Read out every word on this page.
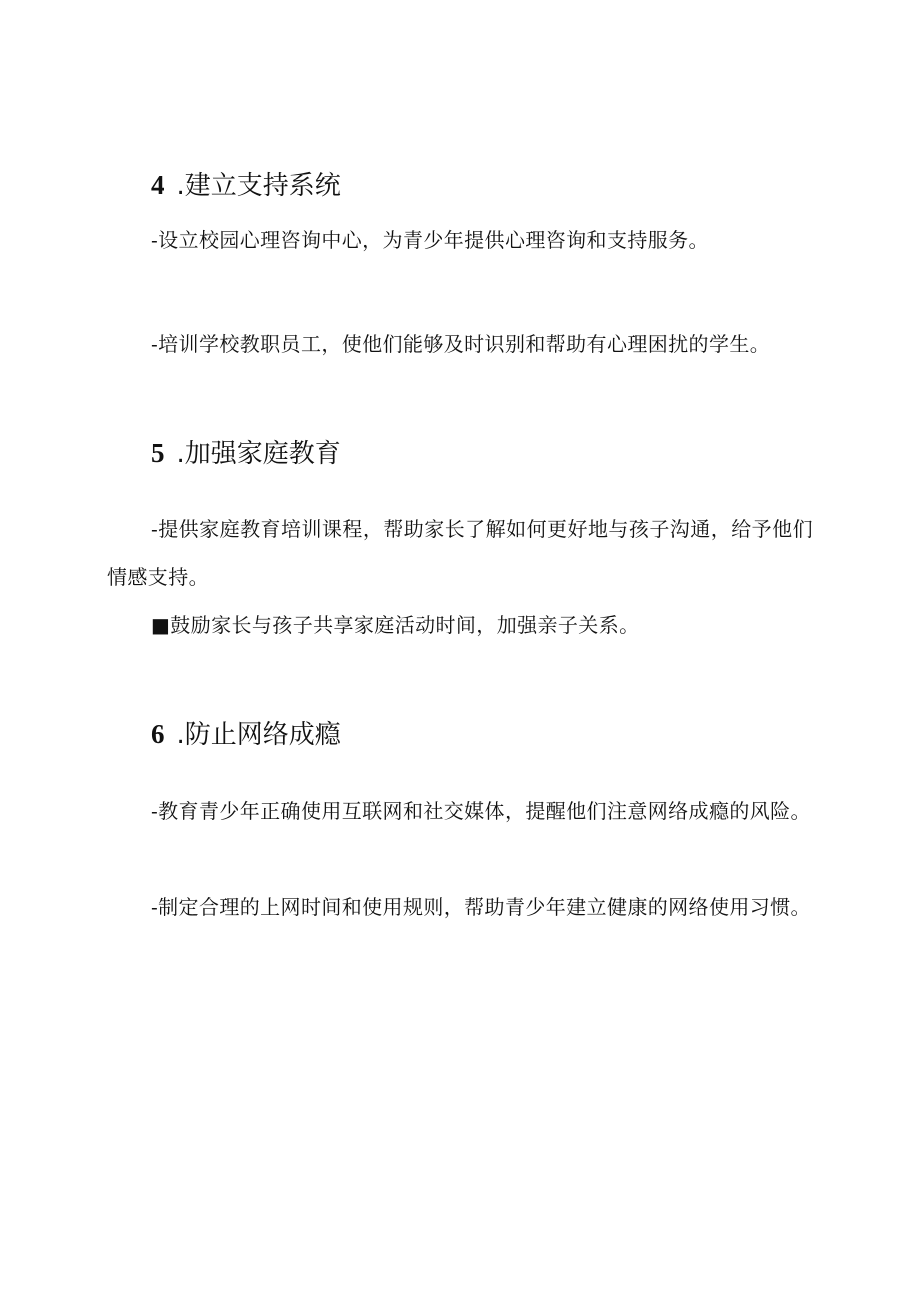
4 .建立支持系统

-设立校园心理咨询中心，为青少年提供心理咨询和支持服务。

-培训学校教职员工，使他们能够及时识别和帮助有心理困扰的学生。

5 .加强家庭教育

-提供家庭教育培训课程，帮助家长了解如何更好地与孩子沟通，给予他们情感支持。

■鼓励家长与孩子共享家庭活动时间，加强亲子关系。

6 .防止网络成瘾

-教育青少年正确使用互联网和社交媒体，提醒他们注意网络成瘾的风险。

-制定合理的上网时间和使用规则，帮助青少年建立健康的网络使用习惯。
